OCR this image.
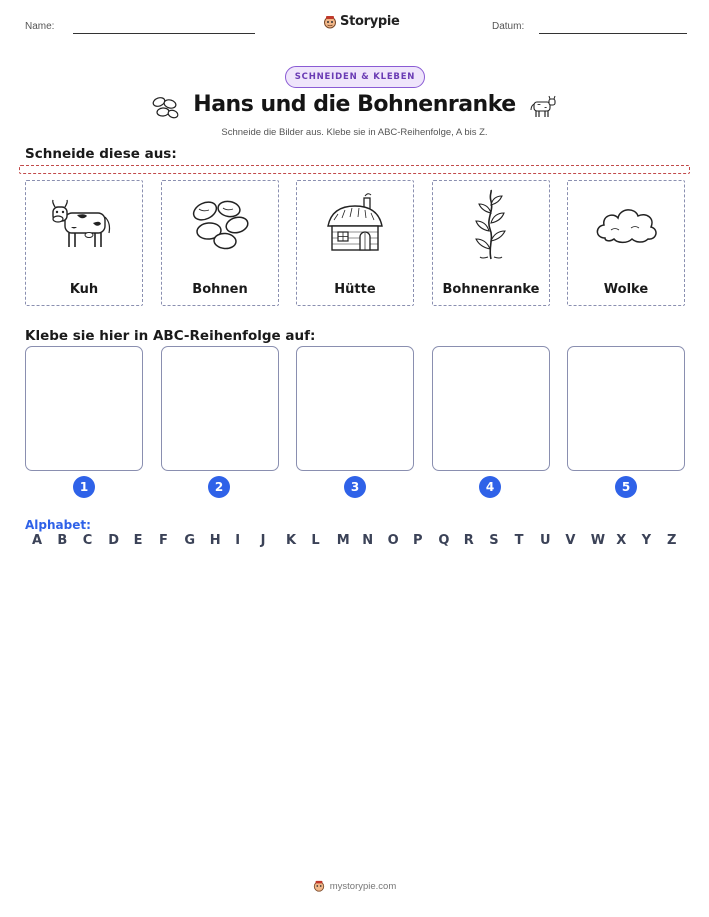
Name:	Storypie	Datum:
SCHNEIDEN & KLEBEN
Hans und die Bohnenranke
Schneide die Bilder aus. Klebe sie in ABC-Reihenfolge, A bis Z.
Schneide diese aus:
Kuh	Bohnen	Hütte	Bohnenranke	Wolke
Klebe sie hier in ABC-Reihenfolge auf:
1	2	3	4	5
Alphabet:
A B C D E F G H I J K L M N O P Q R S T U V W X Y Z
mystorypie.com
